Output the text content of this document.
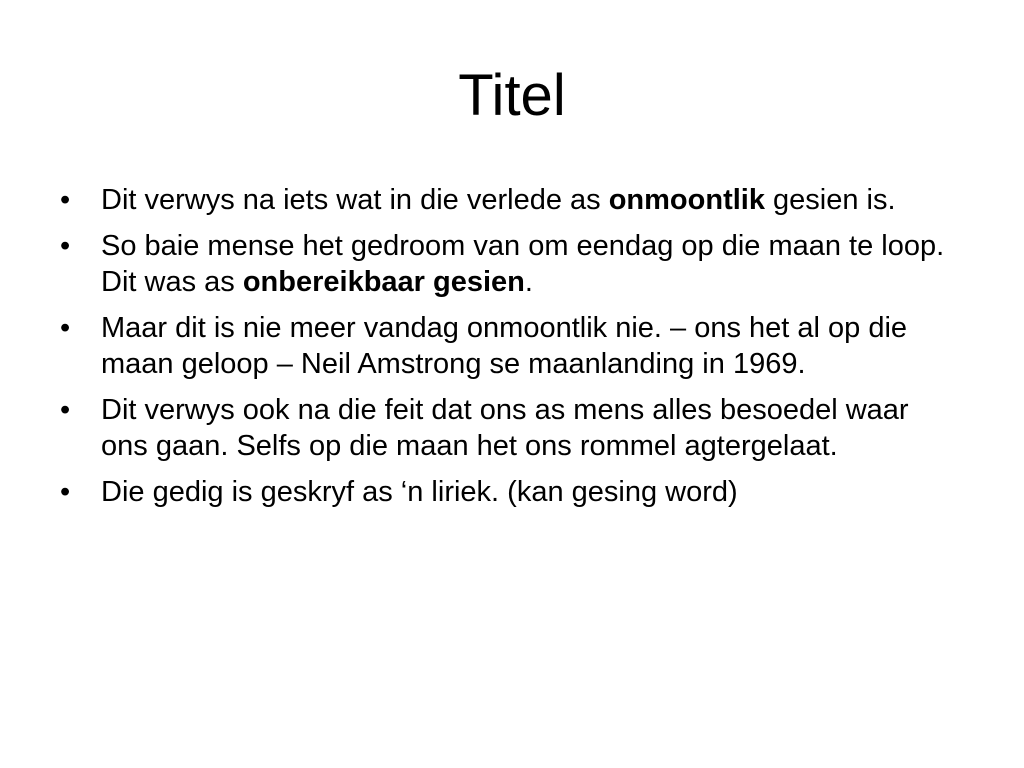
Titel
•	Dit verwys na iets wat in die verlede as onmoontlik gesien is.
•	So baie mense het gedroom van om eendag op die maan te loop. Dit was as onbereikbaar gesien.
•	Maar dit is nie meer vandag onmoontlik nie. – ons het al op die maan geloop – Neil Amstrong se maanlanding in 1969.
•	Dit verwys ook na die feit dat ons as mens alles besoedel waar ons gaan. Selfs op die maan het ons rommel agtergelaat.
•	Die gedig is geskryf as ‘n liriek. (kan gesing word)
